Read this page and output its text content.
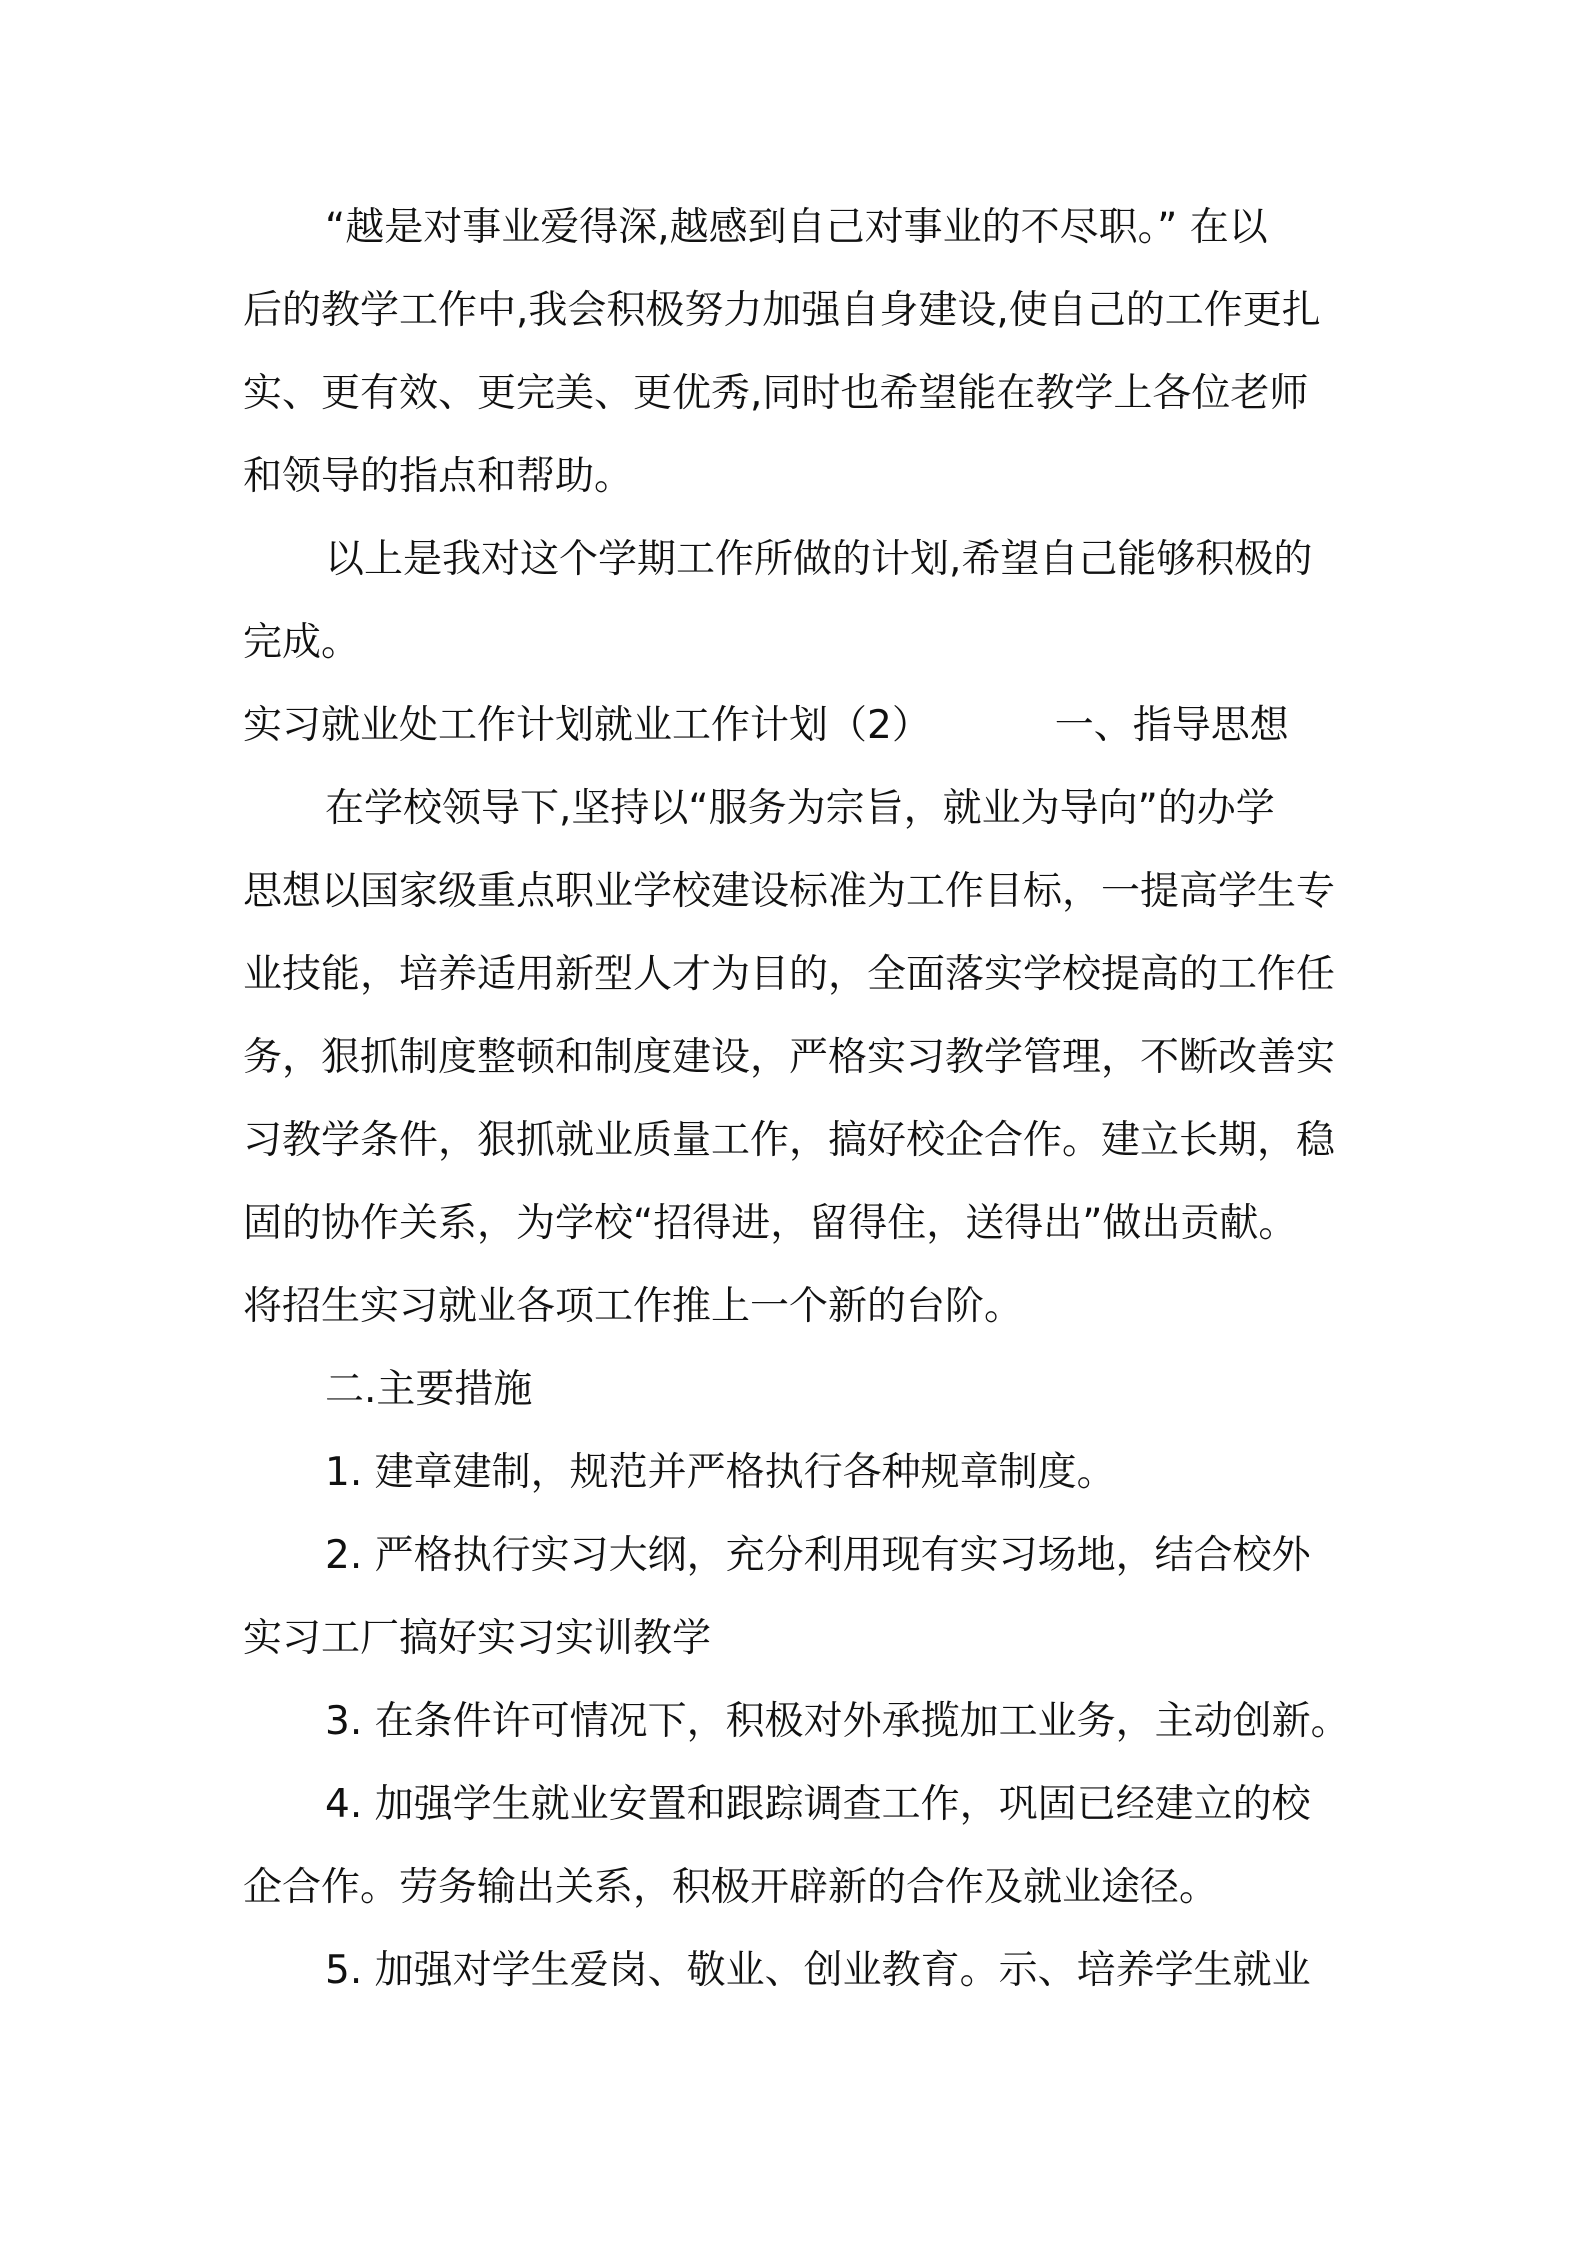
“越是对事业爱得深,越感到自己对事业的不尽职。” 在以
后的教学工作中,我会积极努力加强自身建设,使自己的工作更扎
实、更有效、更完美、更优秀,同时也希望能在教学上各位老师
和领导的指点和帮助。
以上是我对这个学期工作所做的计划,希望自己能够积极的
完成。
实习就业处工作计划就业工作计划（2）          一、指导思想
在学校领导下,坚持以“服务为宗旨，就业为导向”的办学
思想以国家级重点职业学校建设标准为工作目标，一提高学生专
业技能，培养适用新型人才为目的，全面落实学校提高的工作任
务，狠抓制度整顿和制度建设，严格实习教学管理，不断改善实
习教学条件，狠抓就业质量工作，搞好校企合作。建立长期，稳
固的协作关系，为学校“招得进，留得住，送得出”做出贡献。
将招生实习就业各项工作推上一个新的台阶。
二.主要措施
1. 建章建制，规范并严格执行各种规章制度。
2. 严格执行实习大纲，充分利用现有实习场地，结合校外
实习工厂搞好实习实训教学
3. 在条件许可情况下，积极对外承揽加工业务，主动创新。
4. 加强学生就业安置和跟踪调查工作，巩固已经建立的校
企合作。劳务输出关系，积极开辟新的合作及就业途径。
5. 加强对学生爱岗、敬业、创业教育。示、培养学生就业
